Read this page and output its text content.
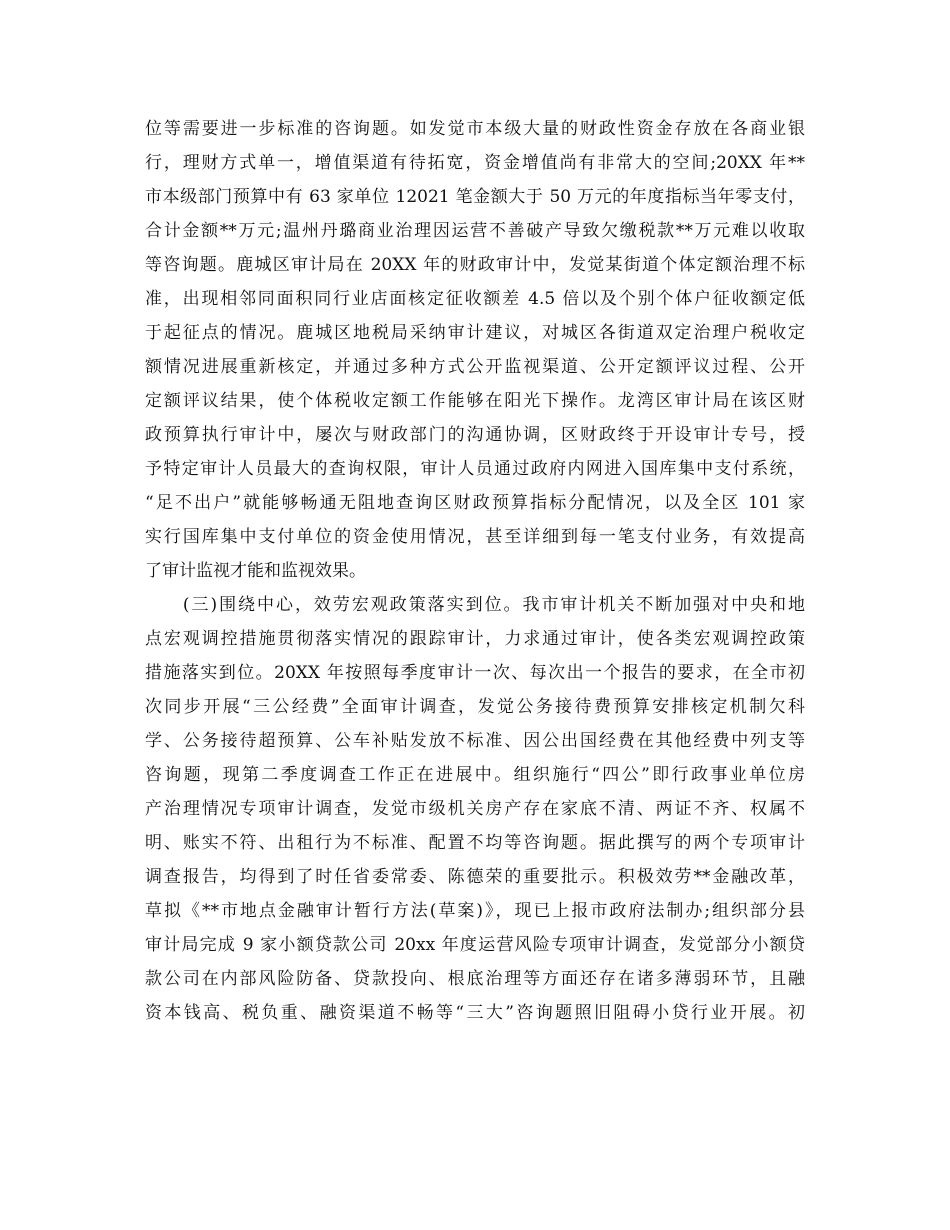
位等需要进一步标准的咨询题。如发觉市本级大量的财政性资金存放在各商业银
行，理财方式单一，增值渠道有待拓宽，资金增值尚有非常大的空间;20XX 年**
市本级部门预算中有 63 家单位 12021 笔金额大于 50 万元的年度指标当年零支付，
合计金额**万元;温州丹璐商业治理因运营不善破产导致欠缴税款**万元难以收取
等咨询题。鹿城区审计局在 20XX 年的财政审计中，发觉某街道个体定额治理不标
准，出现相邻同面积同行业店面核定征收额差 4.5 倍以及个别个体户征收额定低
于起征点的情况。鹿城区地税局采纳审计建议，对城区各街道双定治理户税收定
额情况进展重新核定，并通过多种方式公开监视渠道、公开定额评议过程、公开
定额评议结果，使个体税收定额工作能够在阳光下操作。龙湾区审计局在该区财
政预算执行审计中，屡次与财政部门的沟通协调，区财政终于开设审计专号，授
予特定审计人员最大的查询权限，审计人员通过政府内网进入国库集中支付系统，
“足不出户”就能够畅通无阻地查询区财政预算指标分配情况，以及全区 101 家
实行国库集中支付单位的资金使用情况，甚至详细到每一笔支付业务，有效提高
了审计监视才能和监视效果。
　　(三)围绕中心，效劳宏观政策落实到位。我市审计机关不断加强对中央和地
点宏观调控措施贯彻落实情况的跟踪审计，力求通过审计，使各类宏观调控政策
措施落实到位。20XX 年按照每季度审计一次、每次出一个报告的要求，在全市初
次同步开展“三公经费”全面审计调查，发觉公务接待费预算安排核定机制欠科
学、公务接待超预算、公车补贴发放不标准、因公出国经费在其他经费中列支等
咨询题，现第二季度调查工作正在进展中。组织施行“四公”即行政事业单位房
产治理情况专项审计调查，发觉市级机关房产存在家底不清、两证不齐、权属不
明、账实不符、出租行为不标准、配置不均等咨询题。据此撰写的两个专项审计
调查报告，均得到了时任省委常委、陈德荣的重要批示。积极效劳**金融改革，
草拟《**市地点金融审计暂行方法(草案)》，现已上报市政府法制办;组织部分县
审计局完成 9 家小额贷款公司 20xx 年度运营风险专项审计调查，发觉部分小额贷
款公司在内部风险防备、贷款投向、根底治理等方面还存在诸多薄弱环节，且融
资本钱高、税负重、融资渠道不畅等“三大”咨询题照旧阻碍小贷行业开展。初
